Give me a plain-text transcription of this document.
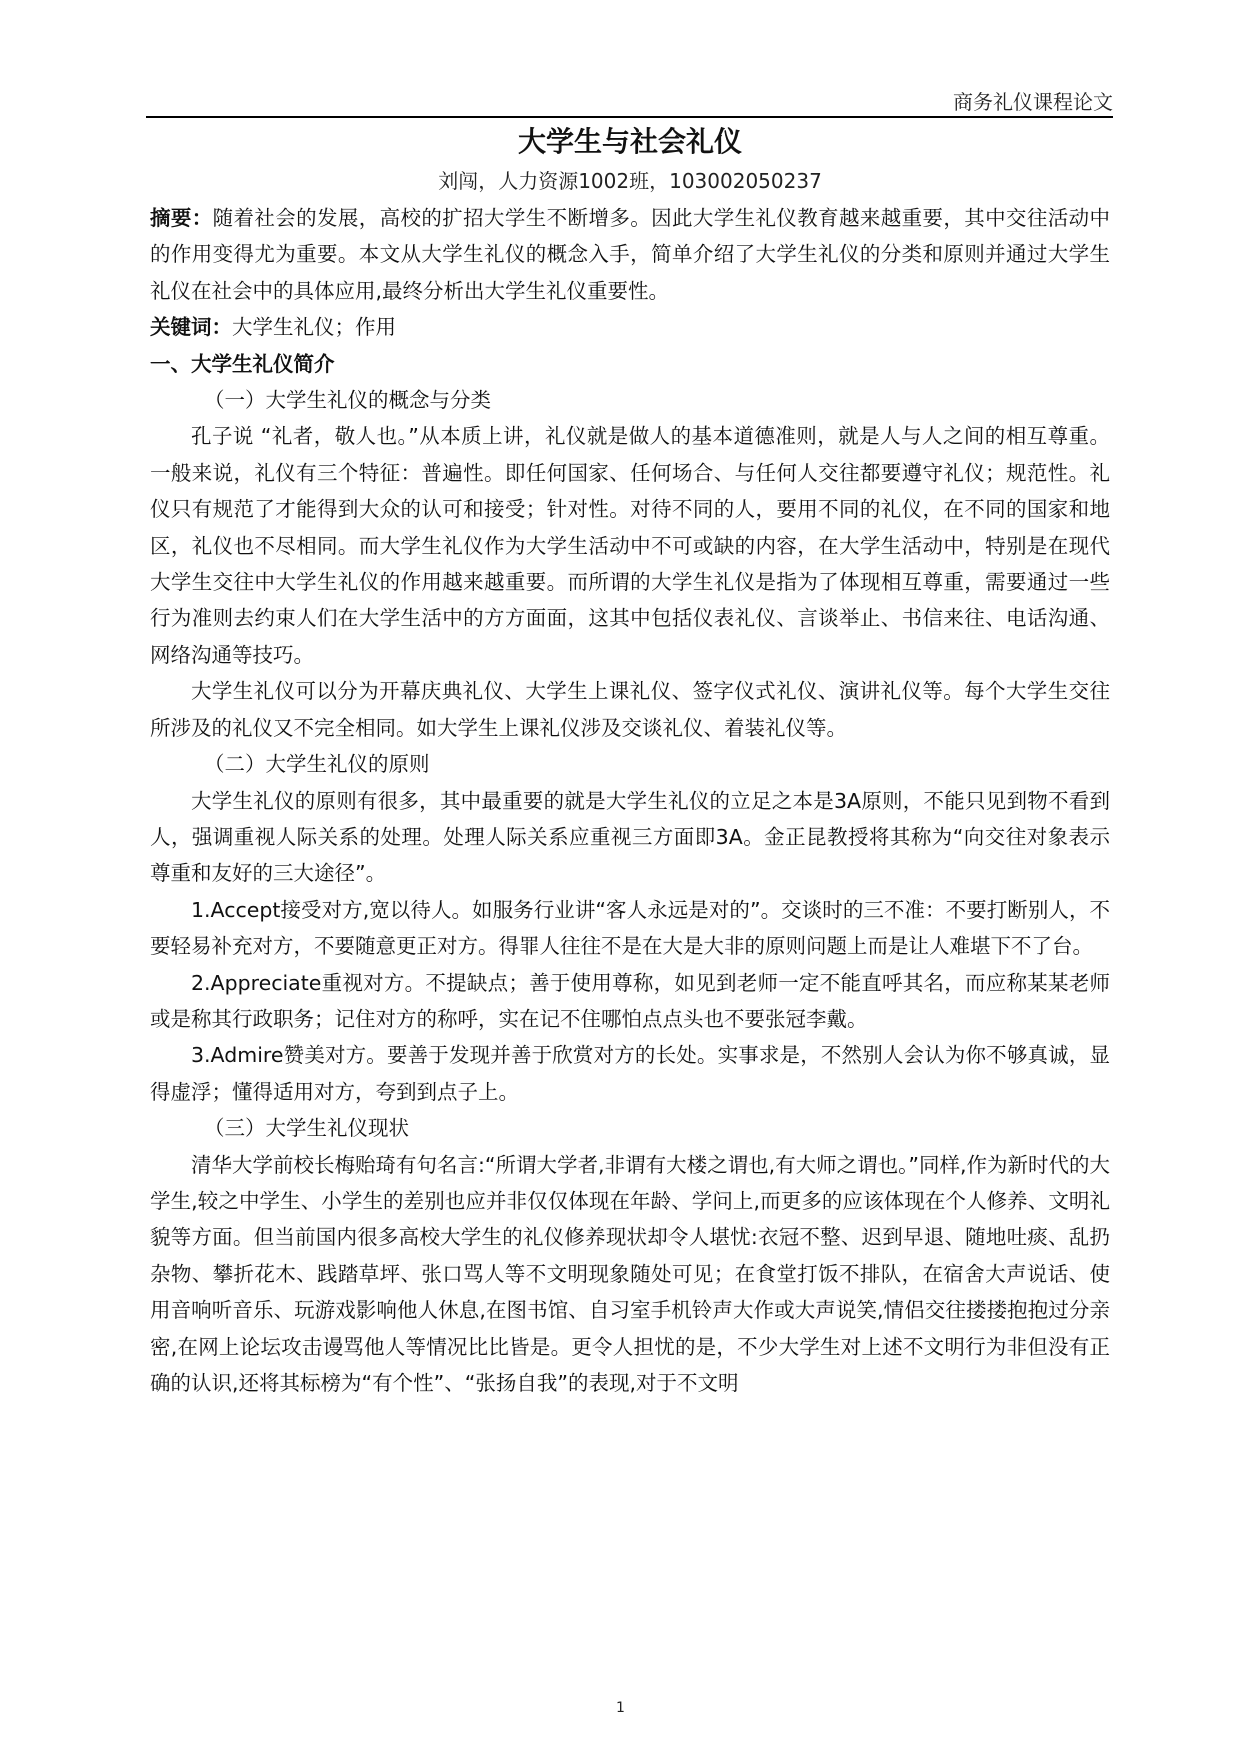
商务礼仪课程论文
大学生与社会礼仪

刘闯，人力资源1002班，103002050237

摘要：随着社会的发展，高校的扩招大学生不断增多。因此大学生礼仪教育越来越重要，其中交往活动中的作用变得尤为重要。本文从大学生礼仪的概念入手，简单介绍了大学生礼仪的分类和原则并通过大学生礼仪在社会中的具体应用,最终分析出大学生礼仪重要性。

关键词：大学生礼仪；作用

一、大学生礼仪简介

（一）大学生礼仪的概念与分类

孔子说 “礼者，敬人也。”从本质上讲，礼仪就是做人的基本道德准则，就是人与人之间的相互尊重。一般来说，礼仪有三个特征：普遍性。即任何国家、任何场合、与任何人交往都要遵守礼仪；规范性。礼仪只有规范了才能得到大众的认可和接受；针对性。对待不同的人，要用不同的礼仪，在不同的国家和地区，礼仪也不尽相同。而大学生礼仪作为大学生活动中不可或缺的内容，在大学生活动中，特别是在现代大学生交往中大学生礼仪的作用越来越重要。而所谓的大学生礼仪是指为了体现相互尊重，需要通过一些行为准则去约束人们在大学生活中的方方面面，这其中包括仪表礼仪、言谈举止、书信来往、电话沟通、网络沟通等技巧。

大学生礼仪可以分为开幕庆典礼仪、大学生上课礼仪、签字仪式礼仪、演讲礼仪等。每个大学生交往所涉及的礼仪又不完全相同。如大学生上课礼仪涉及交谈礼仪、着装礼仪等。

（二）大学生礼仪的原则

大学生礼仪的原则有很多，其中最重要的就是大学生礼仪的立足之本是3A原则，不能只见到物不看到人，强调重视人际关系的处理。处理人际关系应重视三方面即3A。金正昆教授将其称为“向交往对象表示尊重和友好的三大途径”。

1.Accept接受对方,宽以待人。如服务行业讲“客人永远是对的”。交谈时的三不准：不要打断别人，不要轻易补充对方，不要随意更正对方。得罪人往往不是在大是大非的原则问题上而是让人难堪下不了台。

2.Appreciate重视对方。不提缺点；善于使用尊称，如见到老师一定不能直呼其名，而应称某某老师或是称其行政职务；记住对方的称呼，实在记不住哪怕点点头也不要张冠李戴。

3.Admire赞美对方。要善于发现并善于欣赏对方的长处。实事求是，不然别人会认为你不够真诚，显得虚浮；懂得适用对方，夸到到点子上。

（三）大学生礼仪现状

清华大学前校长梅贻琦有句名言:“所谓大学者,非谓有大楼之谓也,有大师之谓也。”同样,作为新时代的大学生,较之中学生、小学生的差别也应并非仅仅体现在年龄、学问上,而更多的应该体现在个人修养、文明礼貌等方面。但当前国内很多高校大学生的礼仪修养现状却令人堪忧:衣冠不整、迟到早退、随地吐痰、乱扔杂物、攀折花木、践踏草坪、张口骂人等不文明现象随处可见；在食堂打饭不排队，在宿舍大声说话、使用音响听音乐、玩游戏影响他人休息,在图书馆、自习室手机铃声大作或大声说笑,情侣交往搂搂抱抱过分亲密,在网上论坛攻击谩骂他人等情况比比皆是。更令人担忧的是，不少大学生对上述不文明行为非但没有正确的认识,还将其标榜为“有个性”、“张扬自我”的表现,对于不文明

1
